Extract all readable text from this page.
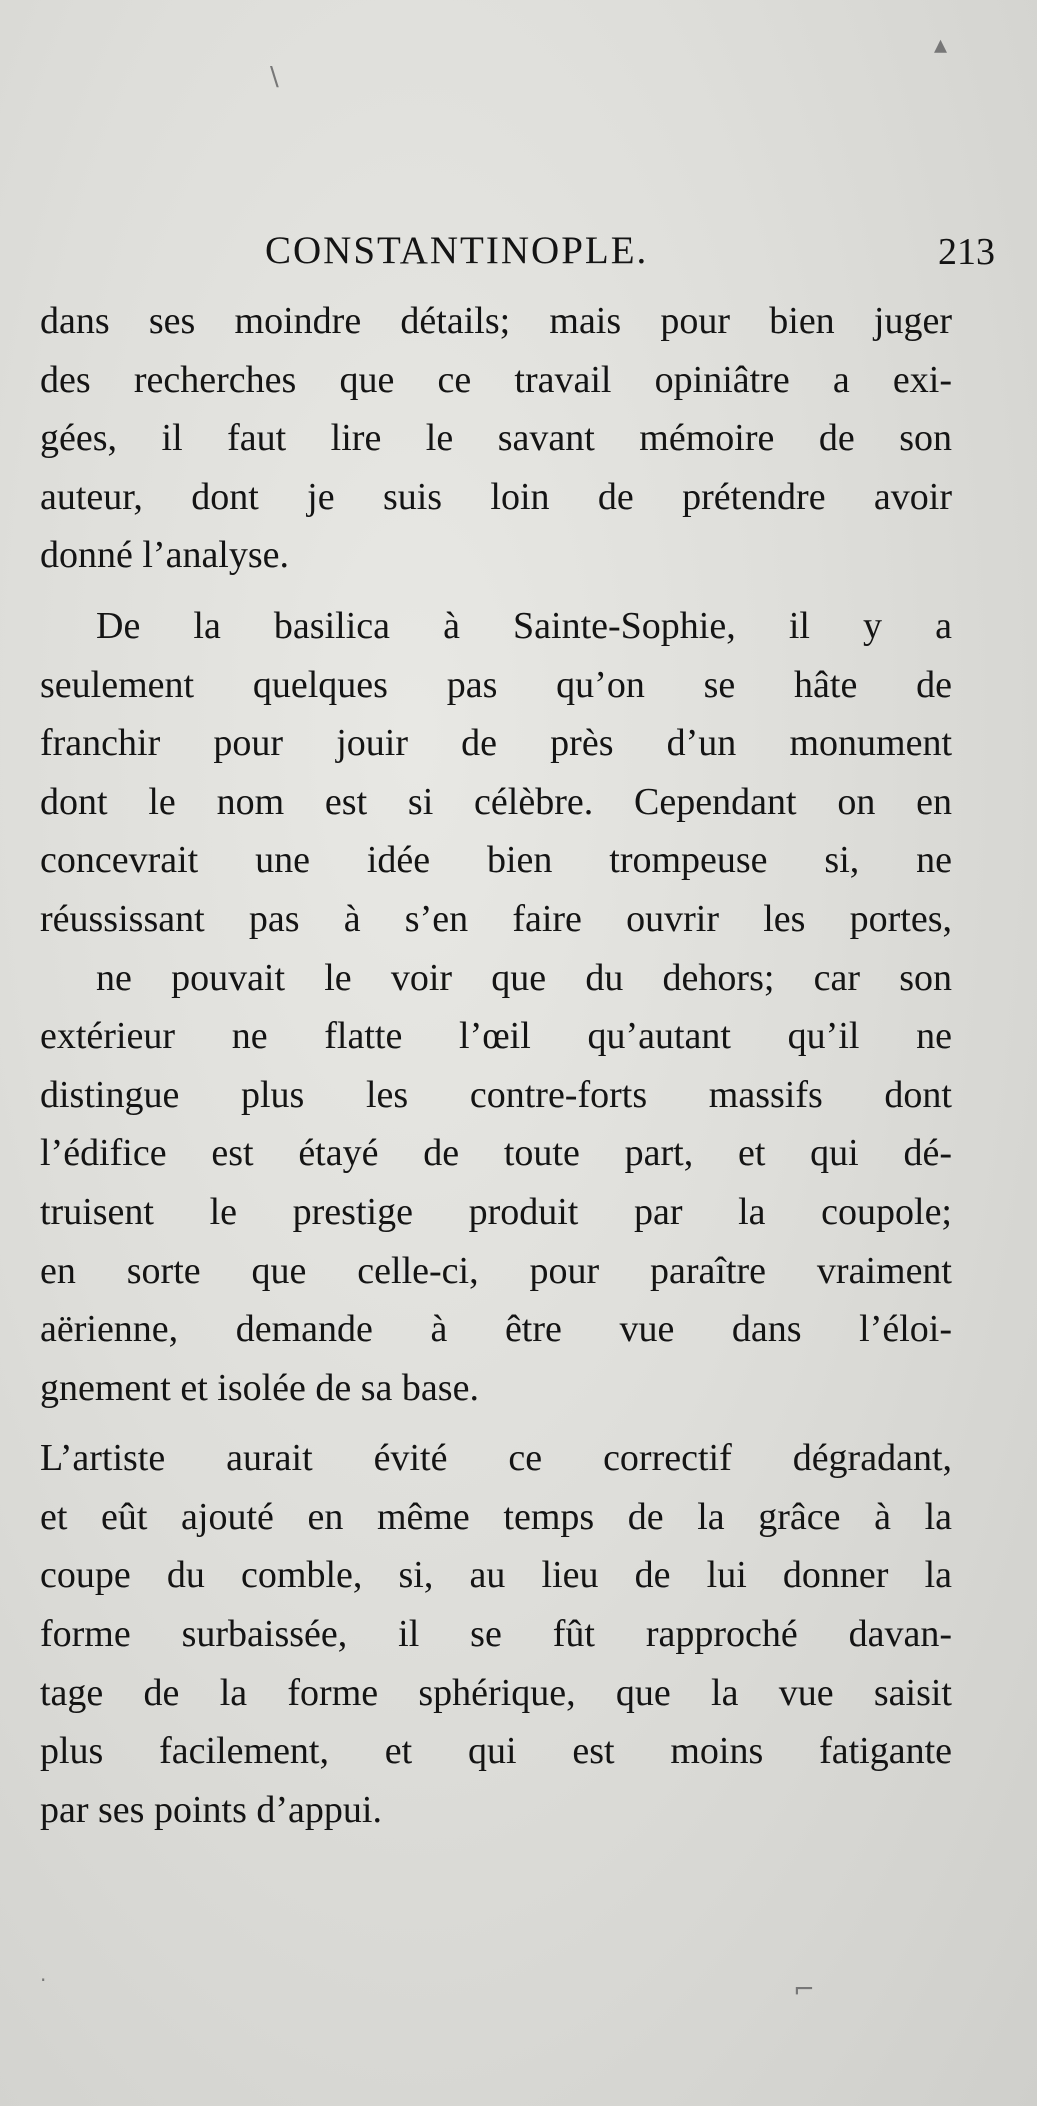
\
▴
CONSTANTINOPLE.	213
dans ses moindre détails; mais pour bien juger
des recherches que ce travail opiniâtre a exi-
gées, il faut lire le savant mémoire de son
auteur, dont je suis loin de prétendre avoir
donné l’analyse.
De la basilica à Sainte-Sophie, il y a
seulement quelques pas qu’on se hâte de
franchir pour jouir de près d’un monument
dont le nom est si célèbre. Cependant on en
concevrait une idée bien trompeuse si, ne
réussissant pas à s’en faire ouvrir les portes,
ne pouvait le voir que du dehors; car son
extérieur ne flatte l’œil qu’autant qu’il ne
distingue plus les contre-forts massifs dont
l’édifice est étayé de toute part, et qui dé-
truisent le prestige produit par la coupole;
en sorte que celle-ci, pour paraître vraiment
aërienne, demande à être vue dans l’éloi-
gnement et isolée de sa base.
L’artiste aurait évité ce correctif dégradant,
et eût ajouté en même temps de la grâce à la
coupe du comble, si, au lieu de lui donner la
forme surbaissée, il se fût rapproché davan-
tage de la forme sphérique, que la vue saisit
plus facilement, et qui est moins fatigante
par ses points d’appui.
·	⌐
